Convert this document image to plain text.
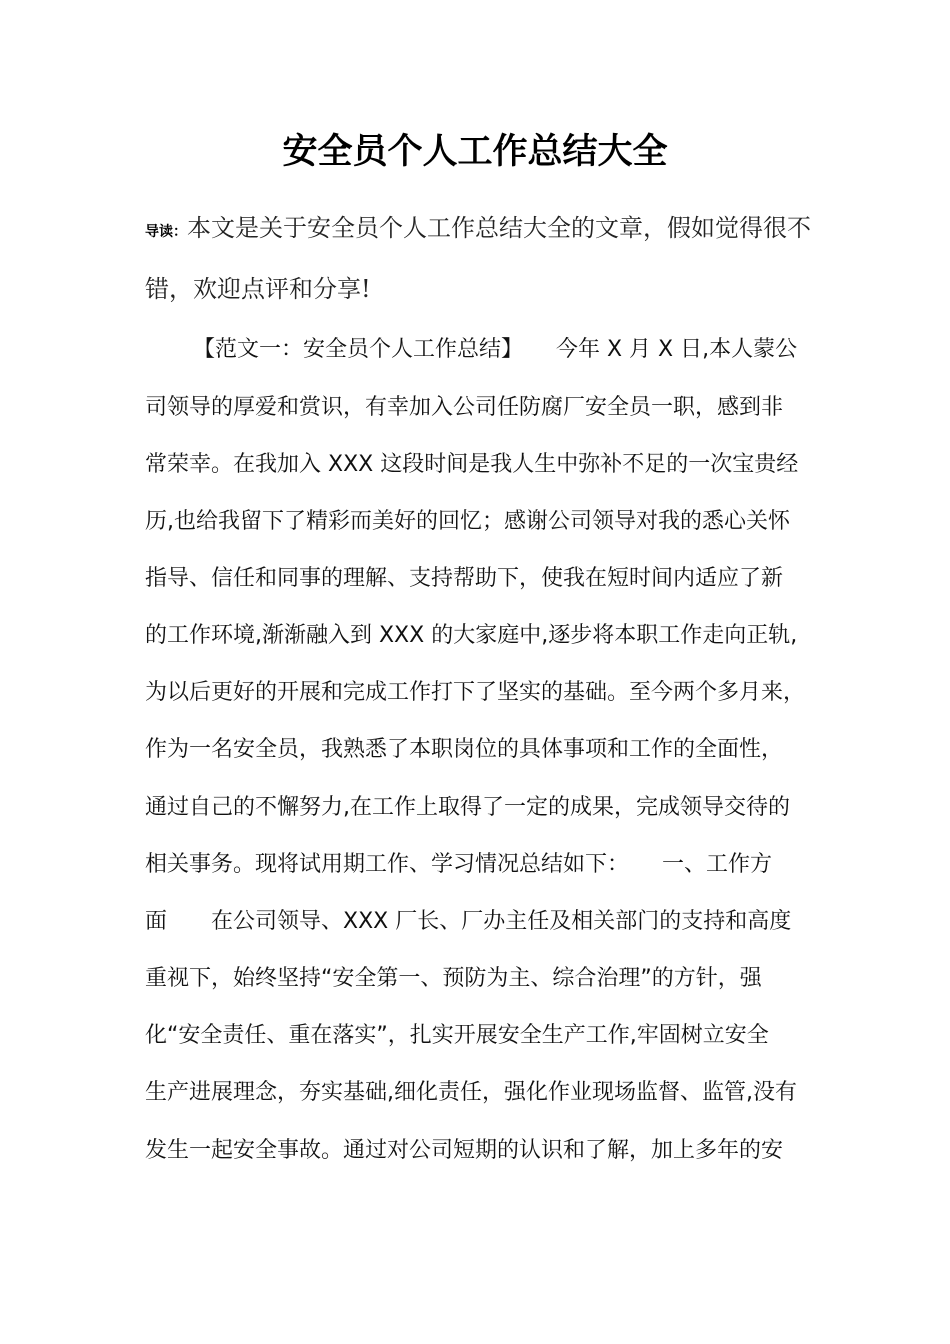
安全员个人工作总结大全
导读：本文是关于安全员个人工作总结大全的文章，假如觉得很不错，欢迎点评和分享!
【范文一：安全员个人工作总结】　　今年 X 月 X 日,本人蒙公
司领导的厚爱和赏识，有幸加入公司任防腐厂安全员一职，感到非
常荣幸。在我加入 XXX 这段时间是我人生中弥补不足的一次宝贵经
历,也给我留下了精彩而美好的回忆；感谢公司领导对我的悉心关怀
指导、信任和同事的理解、支持帮助下，使我在短时间内适应了新
的工作环境,渐渐融入到 XXX 的大家庭中,逐步将本职工作走向正轨,
为以后更好的开展和完成工作打下了坚实的基础。至今两个多月来，
作为一名安全员，我熟悉了本职岗位的具体事项和工作的全面性，
通过自己的不懈努力,在工作上取得了一定的成果，完成领导交待的
相关事务。现将试用期工作、学习情况总结如下：　　一、工作方
面　　在公司领导、XXX 厂长、厂办主任及相关部门的支持和高度
重视下，始终坚持“安全第一、预防为主、综合治理”的方针，强
化“安全责任、重在落实”，扎实开展安全生产工作,牢固树立安全
生产进展理念，夯实基础,细化责任，强化作业现场监督、监管,没有
发生一起安全事故。通过对公司短期的认识和了解，加上多年的安
